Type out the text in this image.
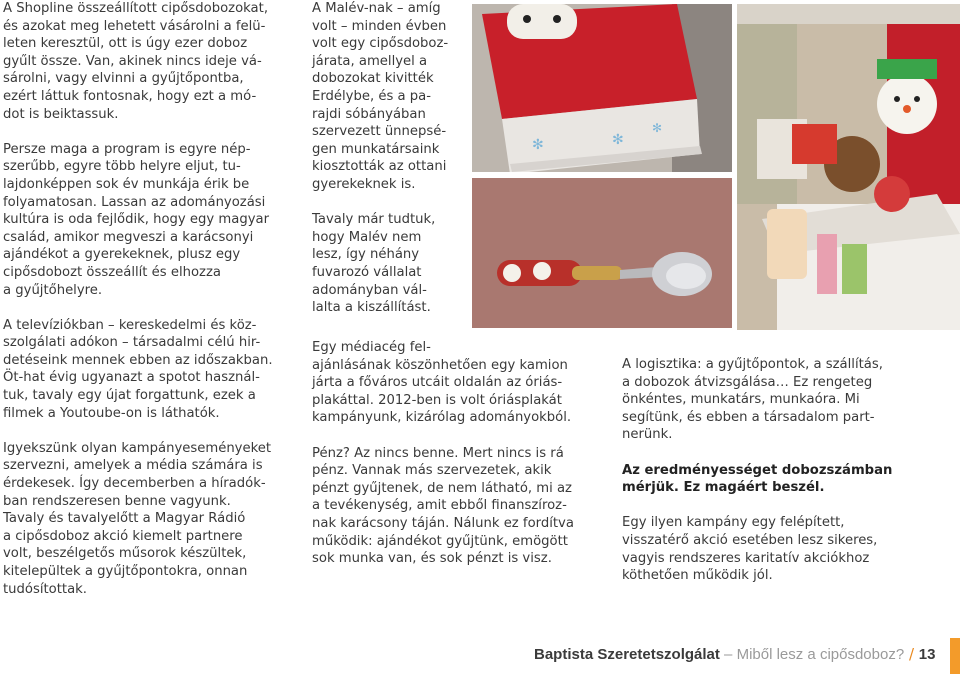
A Shopline összeállított cipősdobozokat,
és azokat meg lehetett vásárolni a felü-
leten keresztül, ott is úgy ezer doboz
gyűlt össze. Van, akinek nincs ideje vá-
sárolni, vagy elvinni a gyűjtőpontba,
ezért láttuk fontosnak, hogy ezt a mó-
dot is beiktassuk.

Persze maga a program is egyre nép-
szerűbb, egyre több helyre eljut, tu-
lajdonképpen sok év munkája érik be
folyamatosan. Lassan az adományozási
kultúra is oda fejlődik, hogy egy magyar
család, amikor megveszi a karácsonyi
ajándékot a gyerekeknek, plusz egy
cipősdobozt összeállít és elhozza
a gyűjtőhelyre.

A televíziókban – kereskedelmi és köz-
szolgálati adókon – társadalmi célú hir-
detéseink mennek ebben az időszakban.
Öt-hat évig ugyanazt a spotot használ-
tuk, tavaly egy újat forgattunk, ezek a
filmek a Youtoube-on is láthatók.

Igyekszünk olyan kampányeseményeket
szervezni, amelyek a média számára is
érdekesek. Így decemberben a híradók-
ban rendszeresen benne vagyunk.
Tavaly és tavalyelőtt a Magyar Rádió
a cipősdoboz akció kiemelt partnere
volt, beszélgetős műsorok készültek,
kitelepültek a gyűjtőpontokra, onnan
tudósítottak.

A Malév-nak – amíg
volt – minden évben
volt egy cipősdoboz-
járata, amellyel a
dobozokat kivitték
Erdélybe, és a pa-
rajdi sóbányában
szervezett ünnepsé-
gen munkatársaink
kiosztották az ottani
gyerekeknek is.

Tavaly már tudtuk,
hogy Malév nem
lesz, így néhány
fuvarozó vállalat
adományban vál-
lalta a kiszállítást.

Egy médiacég fel-
ajánlásának köszönhetően egy kamion
járta a főváros utcáit oldalán az óriás-
plakáttal. 2012-ben is volt óriásplakát
kampányunk, kizárólag adományokból.

Pénz? Az nincs benne. Mert nincs is rá
pénz. Vannak más szervezetek, akik
pénzt gyűjtenek, de nem látható, mi az
a tevékenység, amit ebből finanszíroz-
nak karácsony táján. Nálunk ez fordítva
működik: ajándékot gyűjtünk, emögött
sok munka van, és sok pénzt is visz.

A logisztika: a gyűjtőpontok, a szállítás,
a dobozok átvizsgálása… Ez rengeteg
önkéntes, munkatárs, munkaóra. Mi
segítünk, és ebben a társadalom part-
nerünk.

Az eredményességet dobozszámban
mérjük. Ez magáért beszél.

Egy ilyen kampány egy felépített,
visszatérő akció esetében lesz sikeres,
vagyis rendszeres karitatív akciókhoz
köthetően működik jól.

✻	✻
✻
Baptista Szeretetszolgálat – Miből lesz a cipősdoboz? / 13
